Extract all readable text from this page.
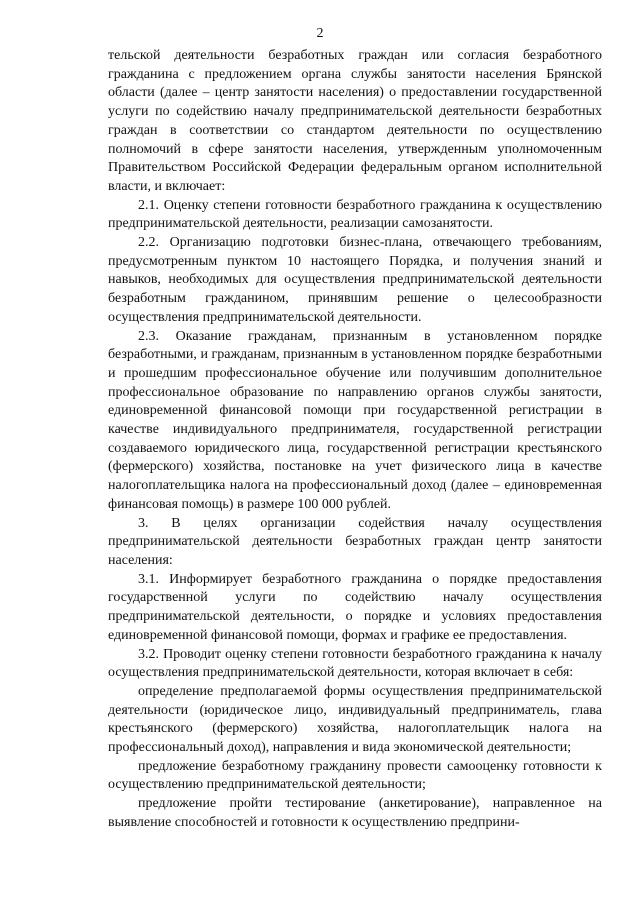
2

тельской деятельности безработных граждан или согласия безработного гражданина с предложением органа службы занятости населения Брянской области (далее – центр занятости населения) о предоставлении государственной услуги по содействию началу предпринимательской деятельности безработных граждан в соответствии со стандартом деятельности по осуществлению полномочий в сфере занятости населения, утвержденным уполномоченным Правительством Российской Федерации федеральным органом исполнительной власти, и включает:

2.1. Оценку степени готовности безработного гражданина к осуществлению предпринимательской деятельности, реализации самозанятости.

2.2. Организацию подготовки бизнес-плана, отвечающего требованиям, предусмотренным пунктом 10 настоящего Порядка, и получения знаний и навыков, необходимых для осуществления предпринимательской деятельности безработным гражданином, принявшим решение о целесообразности осуществления предпринимательской деятельности.

2.3. Оказание гражданам, признанным в установленном порядке безработными, и гражданам, признанным в установленном порядке безработными и прошедшим профессиональное обучение или получившим дополнительное профессиональное образование по направлению органов службы занятости, единовременной финансовой помощи при государственной регистрации в качестве индивидуального предпринимателя, государственной регистрации создаваемого юридического лица, государственной регистрации крестьянского (фермерского) хозяйства, постановке на учет физического лица в качестве налогоплательщика налога на профессиональный доход (далее – единовременная финансовая помощь) в размере 100 000 рублей.

3. В целях организации содействия началу осуществления предпринимательской деятельности безработных граждан центр занятости населения:

3.1. Информирует безработного гражданина о порядке предоставления государственной услуги по содействию началу осуществления предпринимательской деятельности, о порядке и условиях предоставления единовременной финансовой помощи, формах и графике ее предоставления.

3.2. Проводит оценку степени готовности безработного гражданина к началу осуществления предпринимательской деятельности, которая включает в себя:

определение предполагаемой формы осуществления предпринимательской деятельности (юридическое лицо, индивидуальный предприниматель, глава крестьянского (фермерского) хозяйства, налогоплательщик налога на профессиональный доход), направления и вида экономической деятельности;

предложение безработному гражданину провести самооценку готовности к осуществлению предпринимательской деятельности;

предложение пройти тестирование (анкетирование), направленное на выявление способностей и готовности к осуществлению предприни-
